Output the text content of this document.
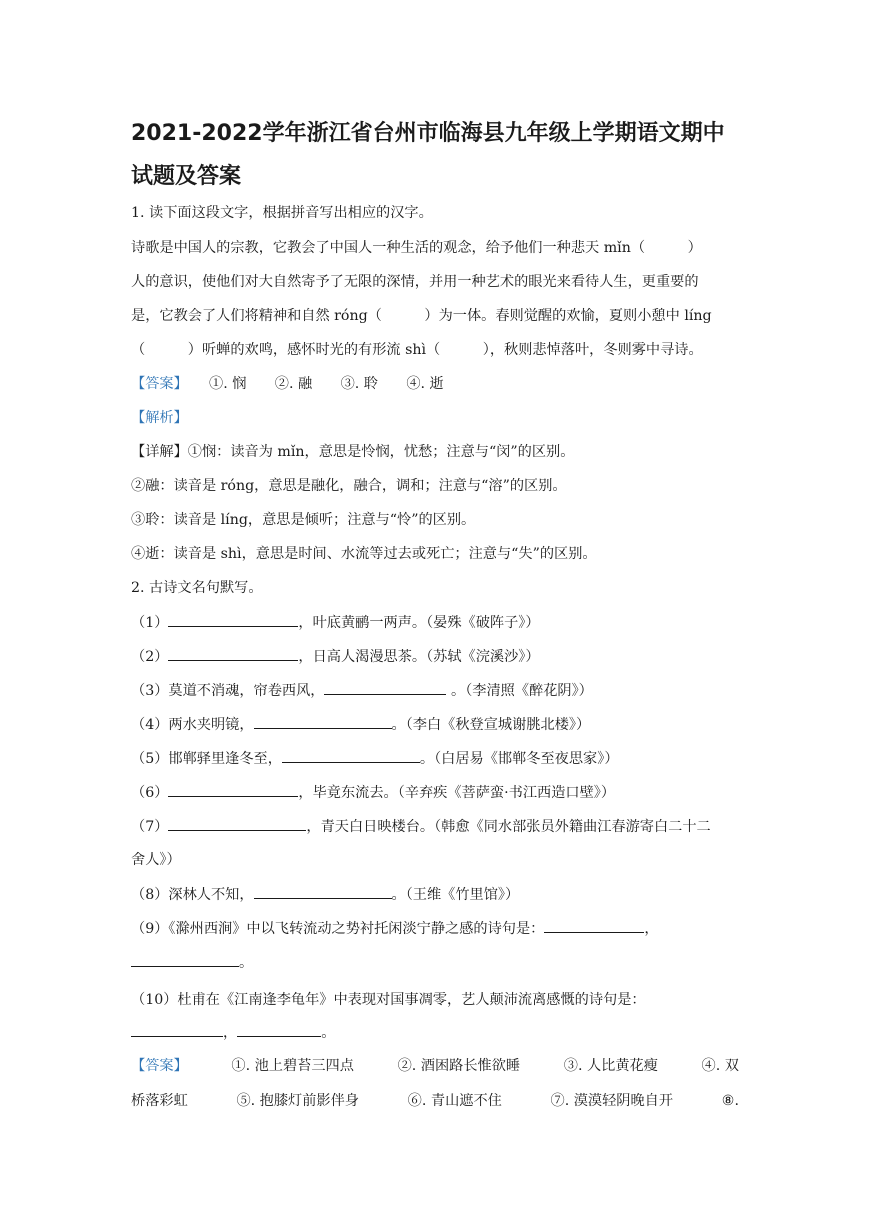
2021-2022学年浙江省台州市临海县九年级上学期语文期中
试题及答案
1. 读下面这段文字，根据拼音写出相应的汉字。
诗歌是中国人的宗教，它教会了中国人一种生活的观念，给予他们一种悲天 mǐn（　　　）
人的意识，使他们对大自然寄予了无限的深情，并用一种艺术的眼光来看待人生，更重要的
是，它教会了人们将精神和自然 róng（　　　）为一体。春则觉醒的欢愉，夏则小憩中 líng
（　　　）听蝉的欢鸣，感怀时光的有形流 shì（　　　），秋则悲悼落叶，冬则雾中寻诗。
【答案】　　①. 悯　　②. 融　　③. 聆　　④. 逝
【解析】
【详解】①悯：读音为 mǐn，意思是怜悯，忧愁；注意与“闵”的区别。
②融：读音是 róng，意思是融化，融合，调和；注意与“溶”的区别。
③聆：读音是 líng，意思是倾听；注意与“怜”的区别。
④逝：读音是 shì，意思是时间、水流等过去或死亡；注意与“失”的区别。
2. 古诗文名句默写。
（1）	，叶底黄鹂一两声。（晏殊《破阵子》）
（2）	，日高人渴漫思茶。（苏轼《浣溪沙》）
（3）莫道不消魂，帘卷西风，	。（李清照《醉花阴》）
（4）两水夹明镜，	。（李白《秋登宣城谢朓北楼》）
（5）邯郸驿里逢冬至，	。（白居易《邯郸冬至夜思家》）
（6）	，毕竟东流去。（辛弃疾《菩萨蛮·书江西造口壁》）
（7）	，青天白日映楼台。（韩愈《同水部张员外籍曲江春游寄白二十二
舍人》）
（8）深林人不知，	。（王维《竹里馆》）
（9）《滁州西涧》中以飞转流动之势衬托闲淡宁静之感的诗句是：	，
。
（10）杜甫在《江南逢李龟年》中表现对国事凋零，艺人颠沛流离感慨的诗句是：
，	。
【答案】	①. 池上碧苔三四点	②. 酒困路长惟欲睡	③. 人比黄花瘦	④. 双
桥落彩虹	⑤. 抱膝灯前影伴身	⑥. 青山遮不住	⑦. 漠漠轻阴晚自开	⑧.
